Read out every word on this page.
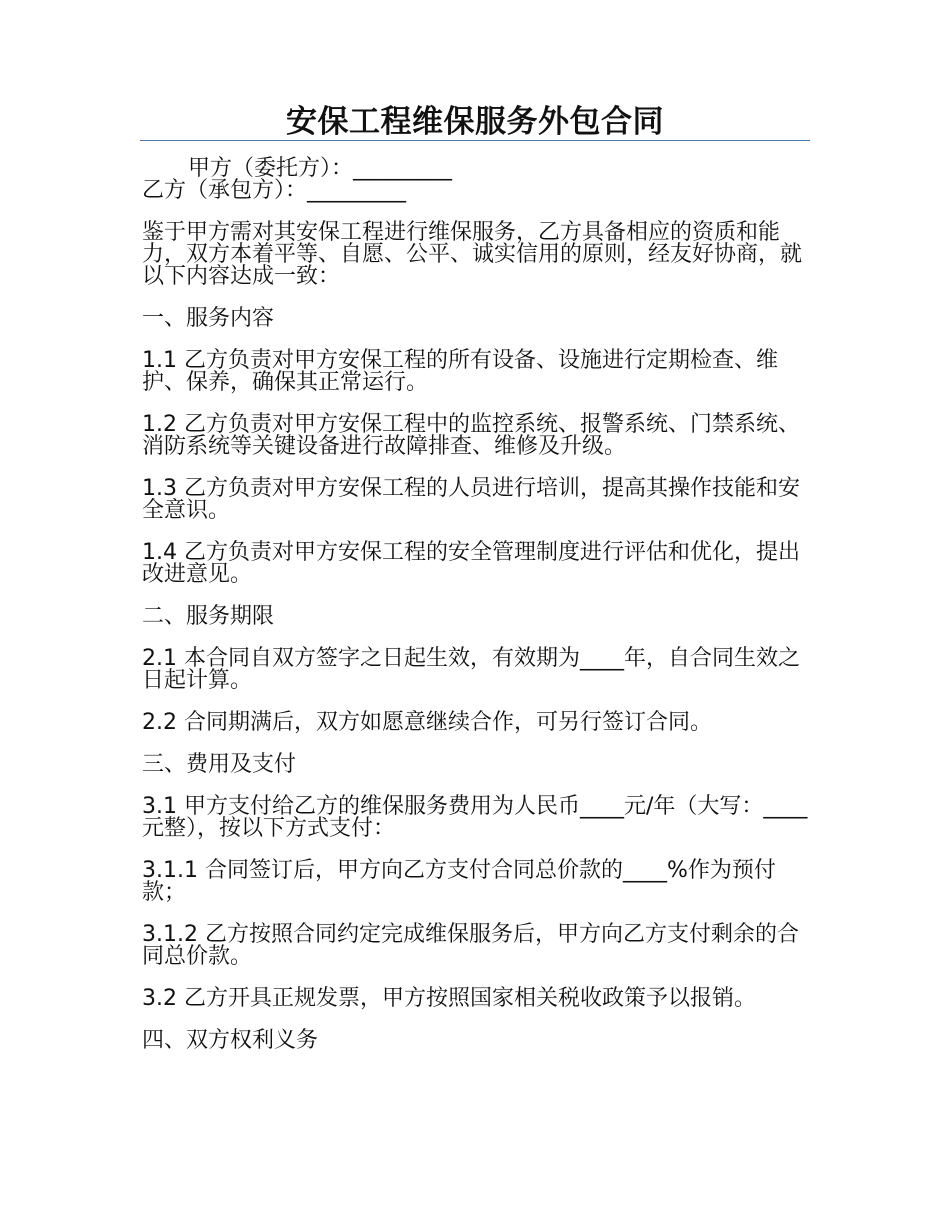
安保工程维保服务外包合同

甲方（委托方）：_________

乙方（承包方）：_________

鉴于甲方需对其安保工程进行维保服务，乙方具备相应的资质和能力，双方本着平等、自愿、公平、诚实信用的原则，经友好协商，就以下内容达成一致：

一、服务内容

1.1 乙方负责对甲方安保工程的所有设备、设施进行定期检查、维护、保养，确保其正常运行。

1.2 乙方负责对甲方安保工程中的监控系统、报警系统、门禁系统、消防系统等关键设备进行故障排查、维修及升级。

1.3 乙方负责对甲方安保工程的人员进行培训，提高其操作技能和安全意识。

1.4 乙方负责对甲方安保工程的安全管理制度进行评估和优化，提出改进意见。

二、服务期限

2.1 本合同自双方签字之日起生效，有效期为____年，自合同生效之日起计算。

2.2 合同期满后，双方如愿意继续合作，可另行签订合同。

三、费用及支付

3.1 甲方支付给乙方的维保服务费用为人民币____元/年（大写：____元整），按以下方式支付：

3.1.1 合同签订后，甲方向乙方支付合同总价款的____%作为预付款；

3.1.2 乙方按照合同约定完成维保服务后，甲方向乙方支付剩余的合同总价款。

3.2 乙方开具正规发票，甲方按照国家相关税收政策予以报销。

四、双方权利义务
